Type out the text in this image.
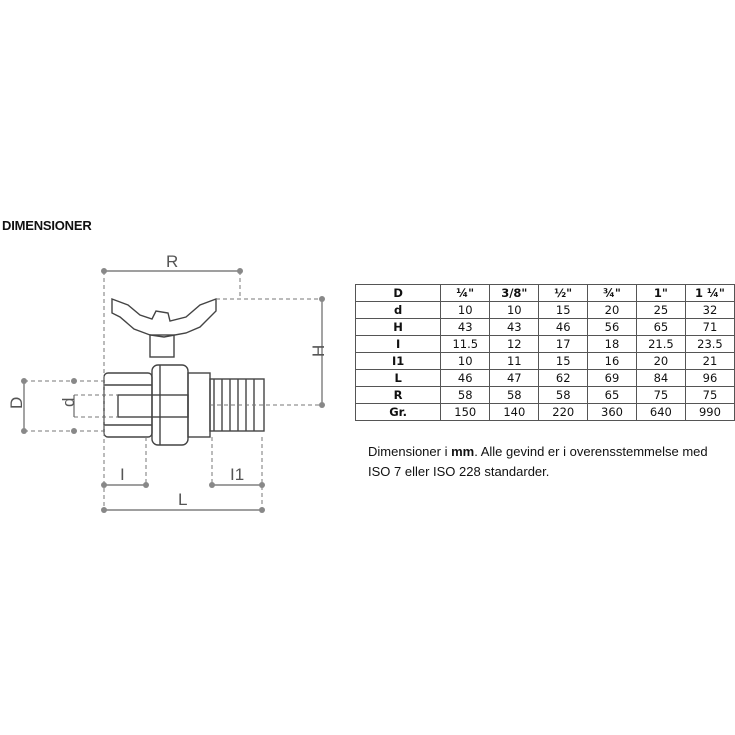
DIMENSIONER
R
H
D d
I	I1
L
D	¼"	3/8"	½"	¾"	1"	1 ¼"
d	10	10	15	20	25	32
H	43	43	46	56	65	71
I	11.5	12	17	18	21.5	23.5
I1	10	11	15	16	20	21
L	46	47	62	69	84	96
R	58	58	58	65	75	75
Gr.	150	140	220	360	640	990
Dimensioner i mm. Alle gevind er i overensstemmelse med ISO 7 eller ISO 228 standarder.
